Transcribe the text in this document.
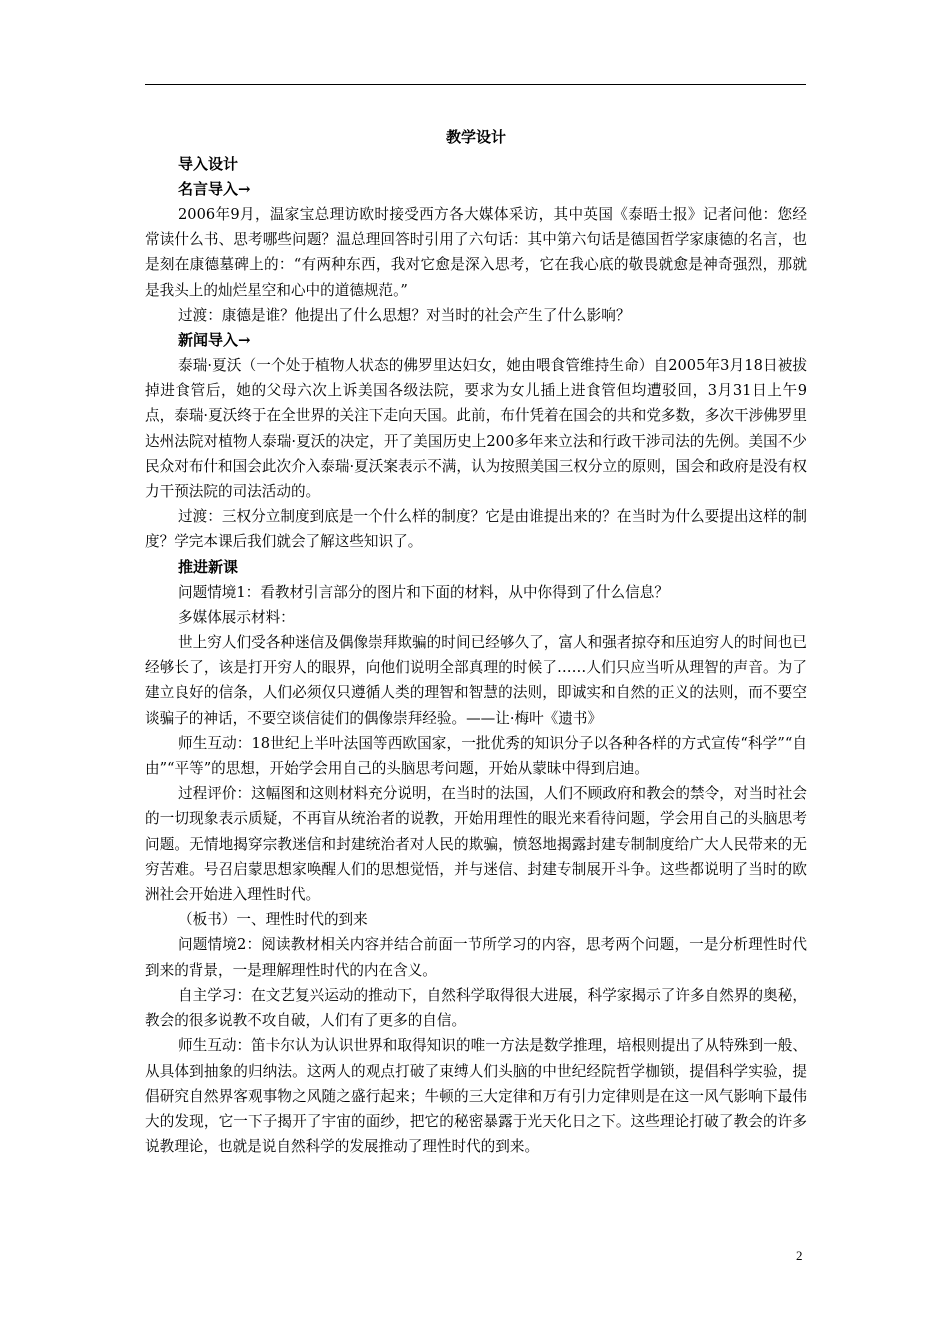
教学设计
导入设计
名言导入→

2006年9月，温家宝总理访欧时接受西方各大媒体采访，其中英国《泰晤士报》记者问他：您经常读什么书、思考哪些问题？温总理回答时引用了六句话：其中第六句话是德国哲学家康德的名言，也是刻在康德墓碑上的：“有两种东西，我对它愈是深入思考，它在我心底的敬畏就愈是神奇强烈，那就是我头上的灿烂星空和心中的道德规范。”

过渡：康德是谁？他提出了什么思想？对当时的社会产生了什么影响？

新闻导入→

泰瑞·夏沃（一个处于植物人状态的佛罗里达妇女，她由喂食管维持生命）自2005年3月18日被拔掉进食管后，她的父母六次上诉美国各级法院，要求为女儿插上进食管但均遭驳回，3月31日上午9点，泰瑞·夏沃终于在全世界的关注下走向天国。此前，布什凭着在国会的共和党多数，多次干涉佛罗里达州法院对植物人泰瑞·夏沃的决定，开了美国历史上200多年来立法和行政干涉司法的先例。美国不少民众对布什和国会此次介入泰瑞·夏沃案表示不满，认为按照美国三权分立的原则，国会和政府是没有权力干预法院的司法活动的。

过渡：三权分立制度到底是一个什么样的制度？它是由谁提出来的？在当时为什么要提出这样的制度？学完本课后我们就会了解这些知识了。

推进新课

问题情境1：看教材引言部分的图片和下面的材料，从中你得到了什么信息？

多媒体展示材料：

世上穷人们受各种迷信及偶像崇拜欺骗的时间已经够久了，富人和强者掠夺和压迫穷人的时间也已经够长了，该是打开穷人的眼界，向他们说明全部真理的时候了……人们只应当听从理智的声音。为了建立良好的信条，人们必须仅只遵循人类的理智和智慧的法则，即诚实和自然的正义的法则，而不要空谈骗子的神话，不要空谈信徒们的偶像崇拜经验。——让·梅叶《遗书》

师生互动：18世纪上半叶法国等西欧国家，一批优秀的知识分子以各种各样的方式宣传“科学”“自由”“平等”的思想，开始学会用自己的头脑思考问题，开始从蒙昧中得到启迪。

过程评价：这幅图和这则材料充分说明，在当时的法国，人们不顾政府和教会的禁令，对当时社会的一切现象表示质疑，不再盲从统治者的说教，开始用理性的眼光来看待问题，学会用自己的头脑思考问题。无情地揭穿宗教迷信和封建统治者对人民的欺骗，愤怒地揭露封建专制制度给广大人民带来的无穷苦难。号召启蒙思想家唤醒人们的思想觉悟，并与迷信、封建专制展开斗争。这些都说明了当时的欧洲社会开始进入理性时代。

（板书）一、理性时代的到来

问题情境2：阅读教材相关内容并结合前面一节所学习的内容，思考两个问题，一是分析理性时代到来的背景，一是理解理性时代的内在含义。

自主学习：在文艺复兴运动的推动下，自然科学取得很大进展，科学家揭示了许多自然界的奥秘，教会的很多说教不攻自破，人们有了更多的自信。

师生互动：笛卡尔认为认识世界和取得知识的唯一方法是数学推理，培根则提出了从特殊到一般、从具体到抽象的归纳法。这两人的观点打破了束缚人们头脑的中世纪经院哲学枷锁，提倡科学实验，提倡研究自然界客观事物之风随之盛行起来；牛顿的三大定律和万有引力定律则是在这一风气影响下最伟大的发现，它一下子揭开了宇宙的面纱，把它的秘密暴露于光天化日之下。这些理论打破了教会的许多说教理论，也就是说自然科学的发展推动了理性时代的到来。

2
